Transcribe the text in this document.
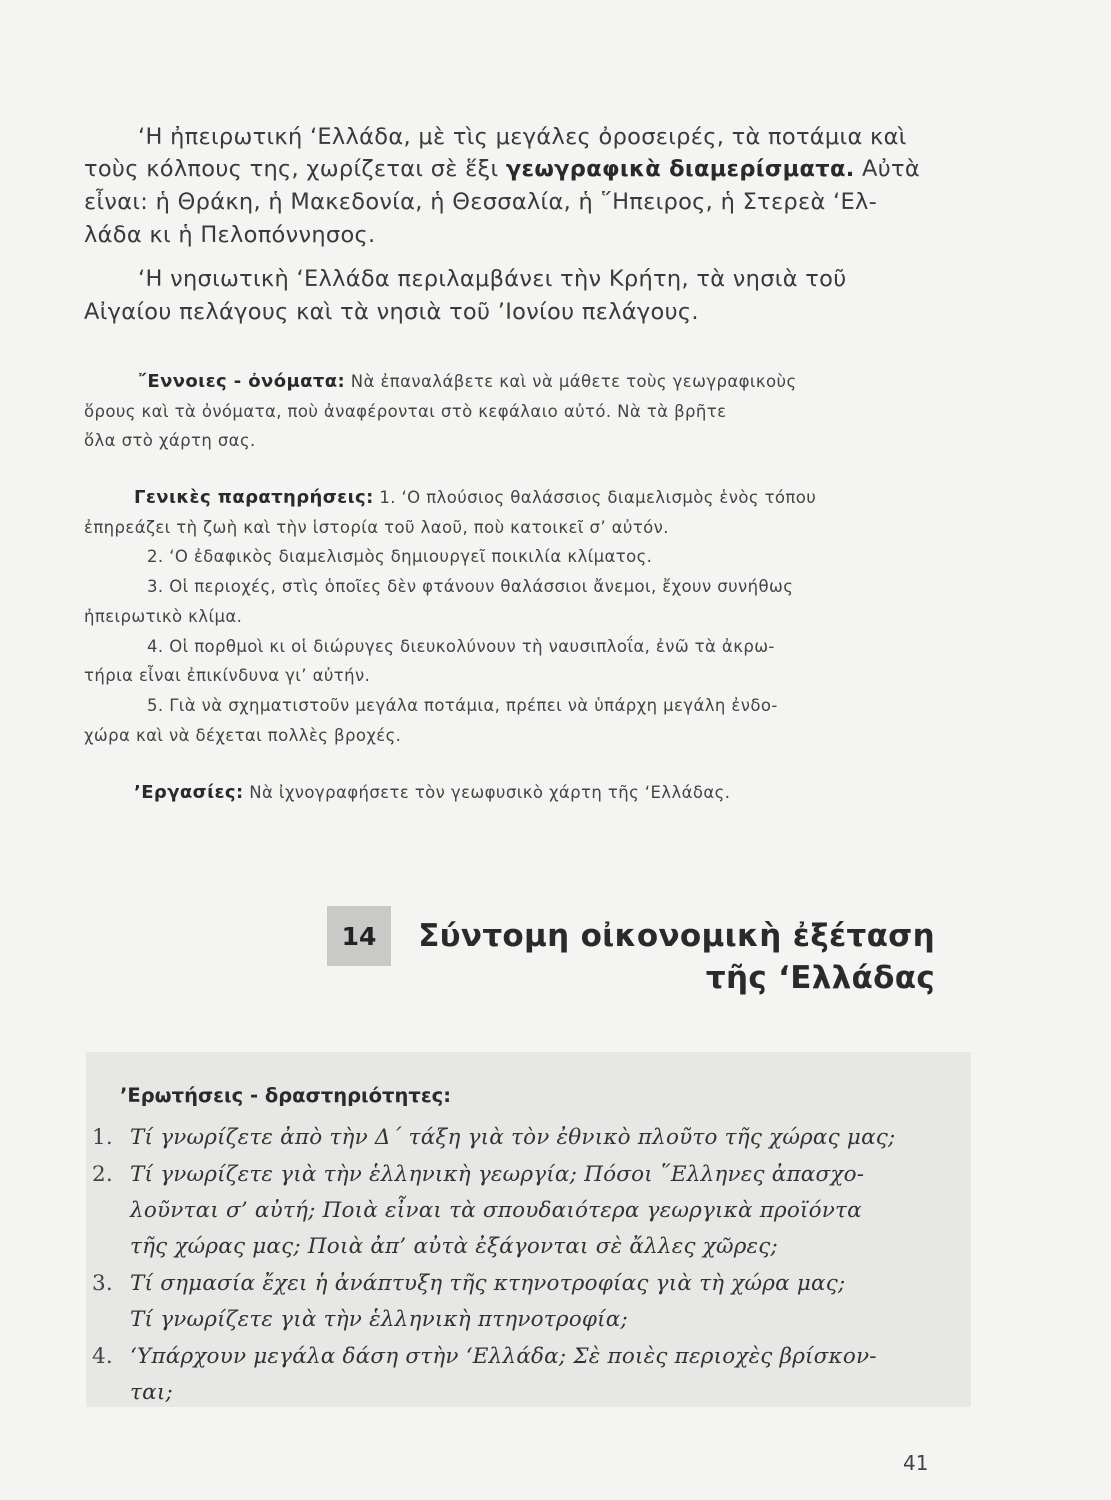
‘Η ἠπειρωτική ‘Ελλάδα, μὲ τὶς μεγάλες ὀροσειρές, τὰ ποτάμια καὶ
τοὺς κόλπους της, χωρίζεται σὲ ἕξι γεωγραφικὰ διαμερίσματα. Αὐτὰ
εἶναι: ἡ Θράκη, ἡ Μακεδονία, ἡ Θεσσαλία, ἡ ῞Ηπειρος, ἡ Στερεὰ ‘Ελ-
λάδα κι ἡ Πελοπόννησος.
‘Η νησιωτικὴ ‘Ελλάδα περιλαμβάνει τὴν Κρήτη, τὰ νησιὰ τοῦ
Αἰγαίου πελάγους καὶ τὰ νησιὰ τοῦ ’Ιονίου πελάγους.
῎Εννοιες - ὀνόματα: Νὰ ἐπαναλάβετε καὶ νὰ μάθετε τοὺς γεωγραφικοὺς
ὅρους καὶ τὰ ὀνόματα, ποὺ ἀναφέρονται στὸ κεφάλαιο αὐτό. Νὰ τὰ βρῆτε
ὅλα στὸ χάρτη σας.
Γενικὲς παρατηρήσεις: 1. ‘Ο πλούσιος θαλάσσιος διαμελισμὸς ἑνὸς τόπου
ἐπηρεάζει τὴ ζωὴ καὶ τὴν ἱστορία τοῦ λαοῦ, ποὺ κατοικεῖ σ’ αὐτόν.
2. ‘Ο ἐδαφικὸς διαμελισμὸς δημιουργεῖ ποικιλία κλίματος.
3. Οἱ περιοχές, στὶς ὁποῖες δὲν φτάνουν θαλάσσιοι ἄνεμοι, ἔχουν συνήθως
ἠπειρωτικὸ κλίμα.
4. Οἱ πορθμοὶ κι οἱ διώρυγες διευκολύνουν τὴ ναυσιπλοΐα, ἐνῶ τὰ ἀκρω-
τήρια εἶναι ἐπικίνδυνα γι’ αὐτήν.
5. Γιὰ νὰ σχηματιστοῦν μεγάλα ποτάμια, πρέπει νὰ ὑπάρχη μεγάλη ἐνδο-
χώρα καὶ νὰ δέχεται πολλὲς βροχές.
’Εργασίες: Νὰ ἰχνογραφήσετε τὸν γεωφυσικὸ χάρτη τῆς ‘Ελλάδας.
14	Σύντομη οἰκονομικὴ ἐξέταση
τῆς ‘Ελλάδας
’Ερωτήσεις - δραστηριότητες:
1. Τί γνωρίζετε ἀπὸ τὴν Δ΄ τάξη γιὰ τὸν ἐθνικὸ πλοῦτο τῆς χώρας μας;
2. Τί γνωρίζετε γιὰ τὴν ἑλληνικὴ γεωργία; Πόσοι ῞Ελληνες ἀπασχο-
λοῦνται σ’ αὐτή; Ποιὰ εἶναι τὰ σπουδαιότερα γεωργικὰ προϊόντα
τῆς χώρας μας; Ποιὰ ἀπ’ αὐτὰ ἐξάγονται σὲ ἄλλες χῶρες;
3. Τί σημασία ἔχει ἡ ἀνάπτυξη τῆς κτηνοτροφίας γιὰ τὴ χώρα μας;
Τί γνωρίζετε γιὰ τὴν ἑλληνικὴ πτηνοτροφία;
4. ‘Υπάρχουν μεγάλα δάση στὴν ‘Ελλάδα; Σὲ ποιὲς περιοχὲς βρίσκον-
ται;
41
